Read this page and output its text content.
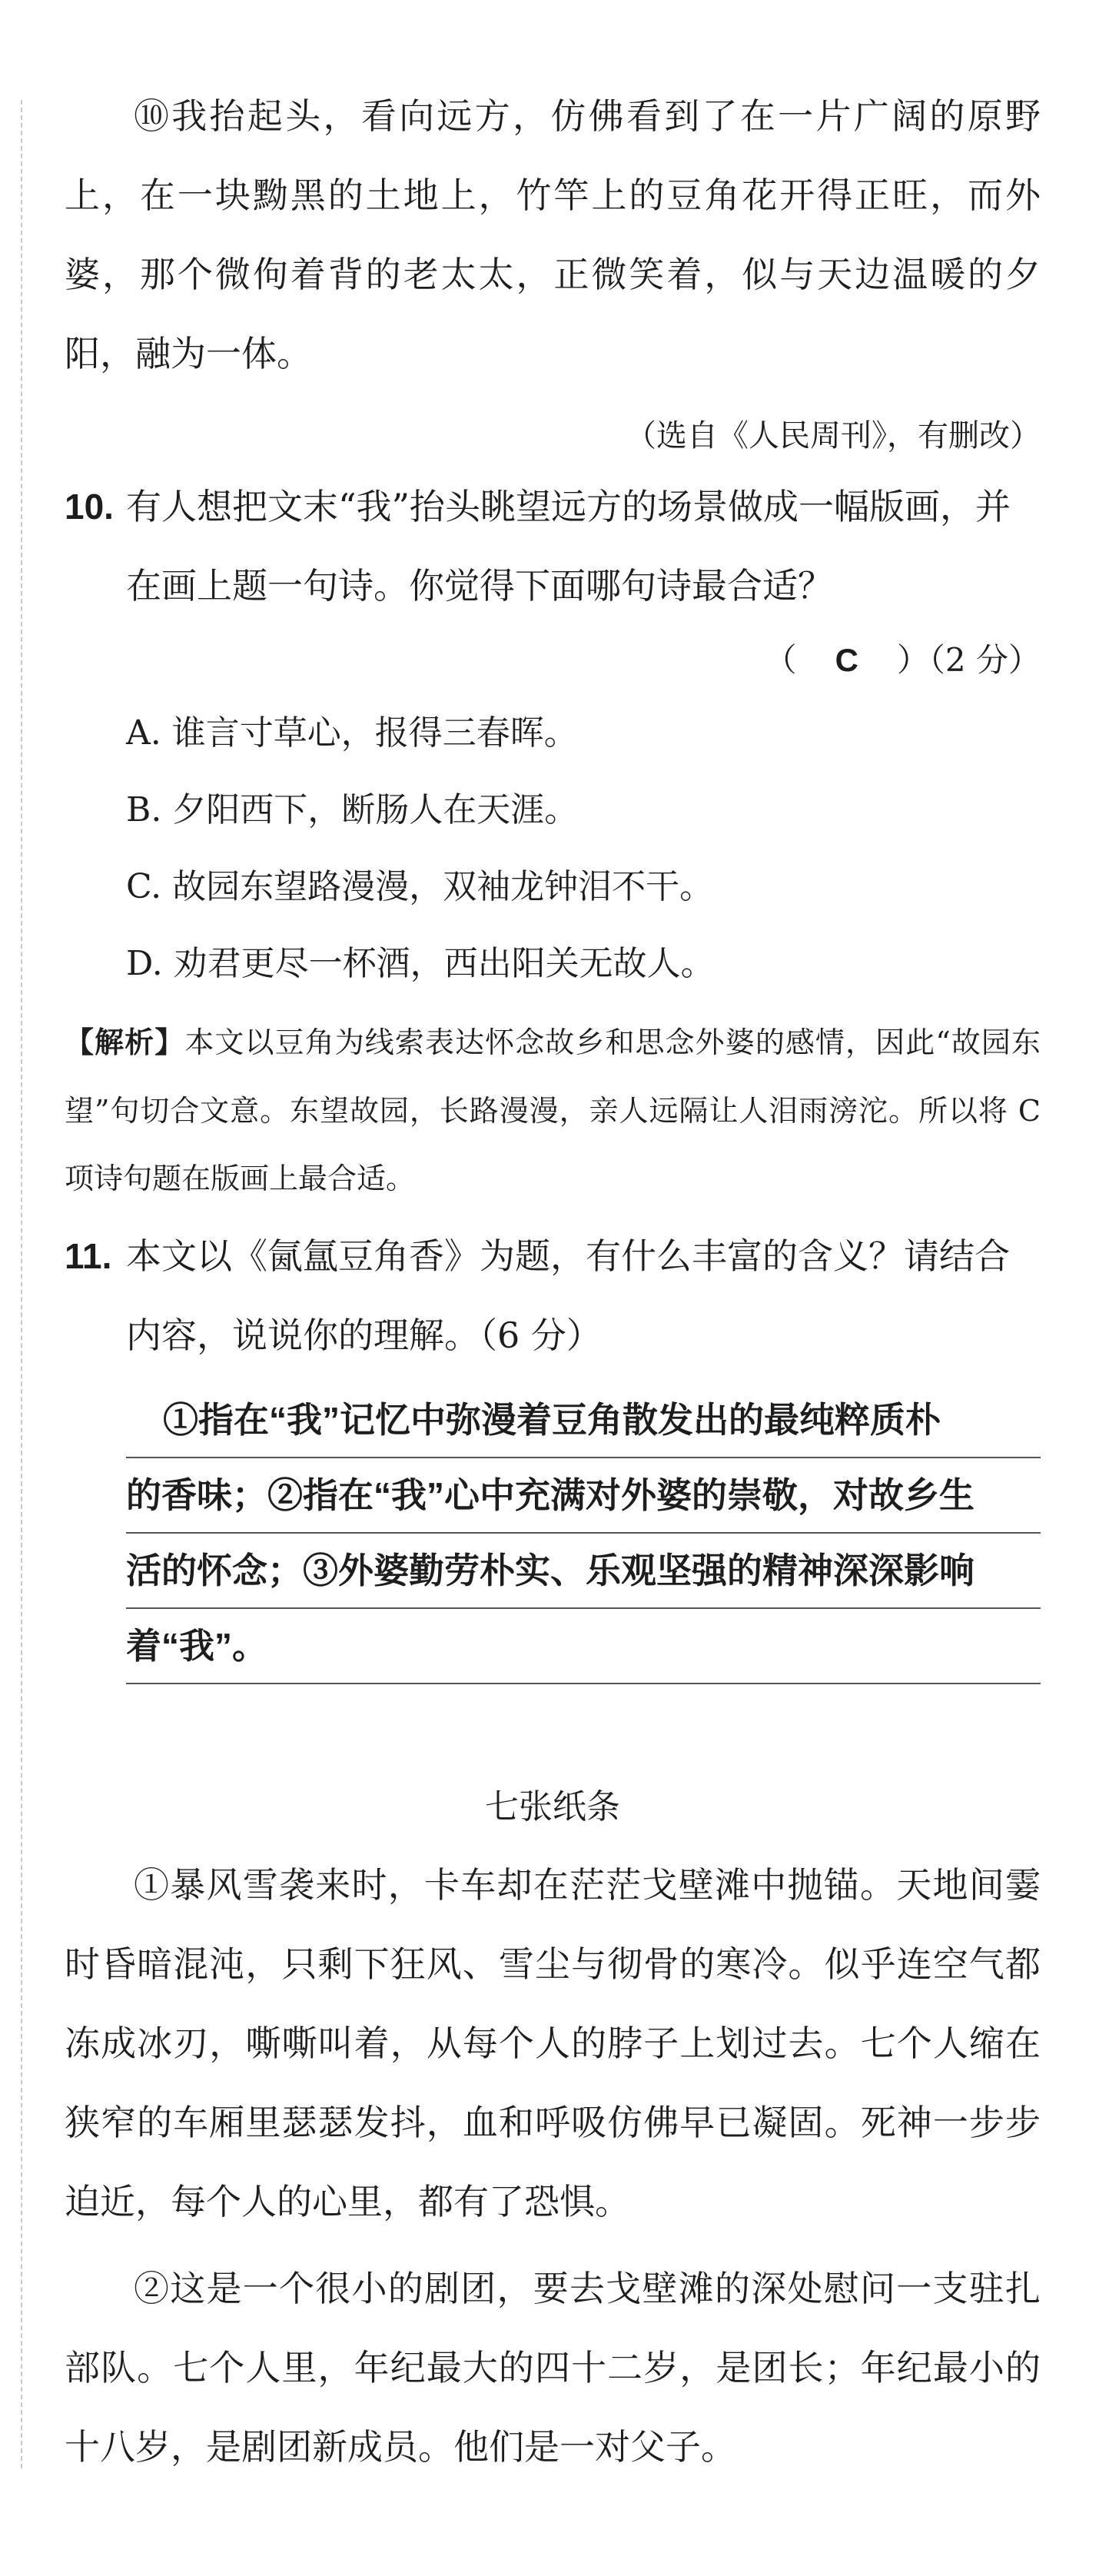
⑩我抬起头，看向远方，仿佛看到了在一片广阔的原野上，在一块黝黑的土地上，竹竿上的豆角花开得正旺，而外婆，那个微佝着背的老太太，正微笑着，似与天边温暖的夕阳，融为一体。

（选自《人民周刊》，有删改）

10. 有人想把文末“我”抬头眺望远方的场景做成一幅版画，并在画上题一句诗。你觉得下面哪句诗最合适？

（ C ）（2 分）

A. 谁言寸草心，报得三春晖。

B. 夕阳西下，断肠人在天涯。

C. 故园东望路漫漫，双袖龙钟泪不干。

D. 劝君更尽一杯酒，西出阳关无故人。

【解析】本文以豆角为线索表达怀念故乡和思念外婆的感情，因此“故园东望”句切合文意。东望故园，长路漫漫，亲人远隔让人泪雨滂沱。所以将 C 项诗句题在版画上最合适。

11. 本文以《氤氲豆角香》为题，有什么丰富的含义？请结合内容，说说你的理解。（6 分）

①指在“我”记忆中弥漫着豆角散发出的最纯粹质朴
的香味；②指在“我”心中充满对外婆的崇敬，对故乡生
活的怀念；③外婆勤劳朴实、乐观坚强的精神深深影响
着“我”。
七张纸条

①暴风雪袭来时，卡车却在茫茫戈壁滩中抛锚。天地间霎时昏暗混沌，只剩下狂风、雪尘与彻骨的寒冷。似乎连空气都冻成冰刃，嘶嘶叫着，从每个人的脖子上划过去。七个人缩在狭窄的车厢里瑟瑟发抖，血和呼吸仿佛早已凝固。死神一步步迫近，每个人的心里，都有了恐惧。

②这是一个很小的剧团，要去戈壁滩的深处慰问一支驻扎部队。七个人里，年纪最大的四十二岁，是团长；年纪最小的十八岁，是剧团新成员。他们是一对父子。
